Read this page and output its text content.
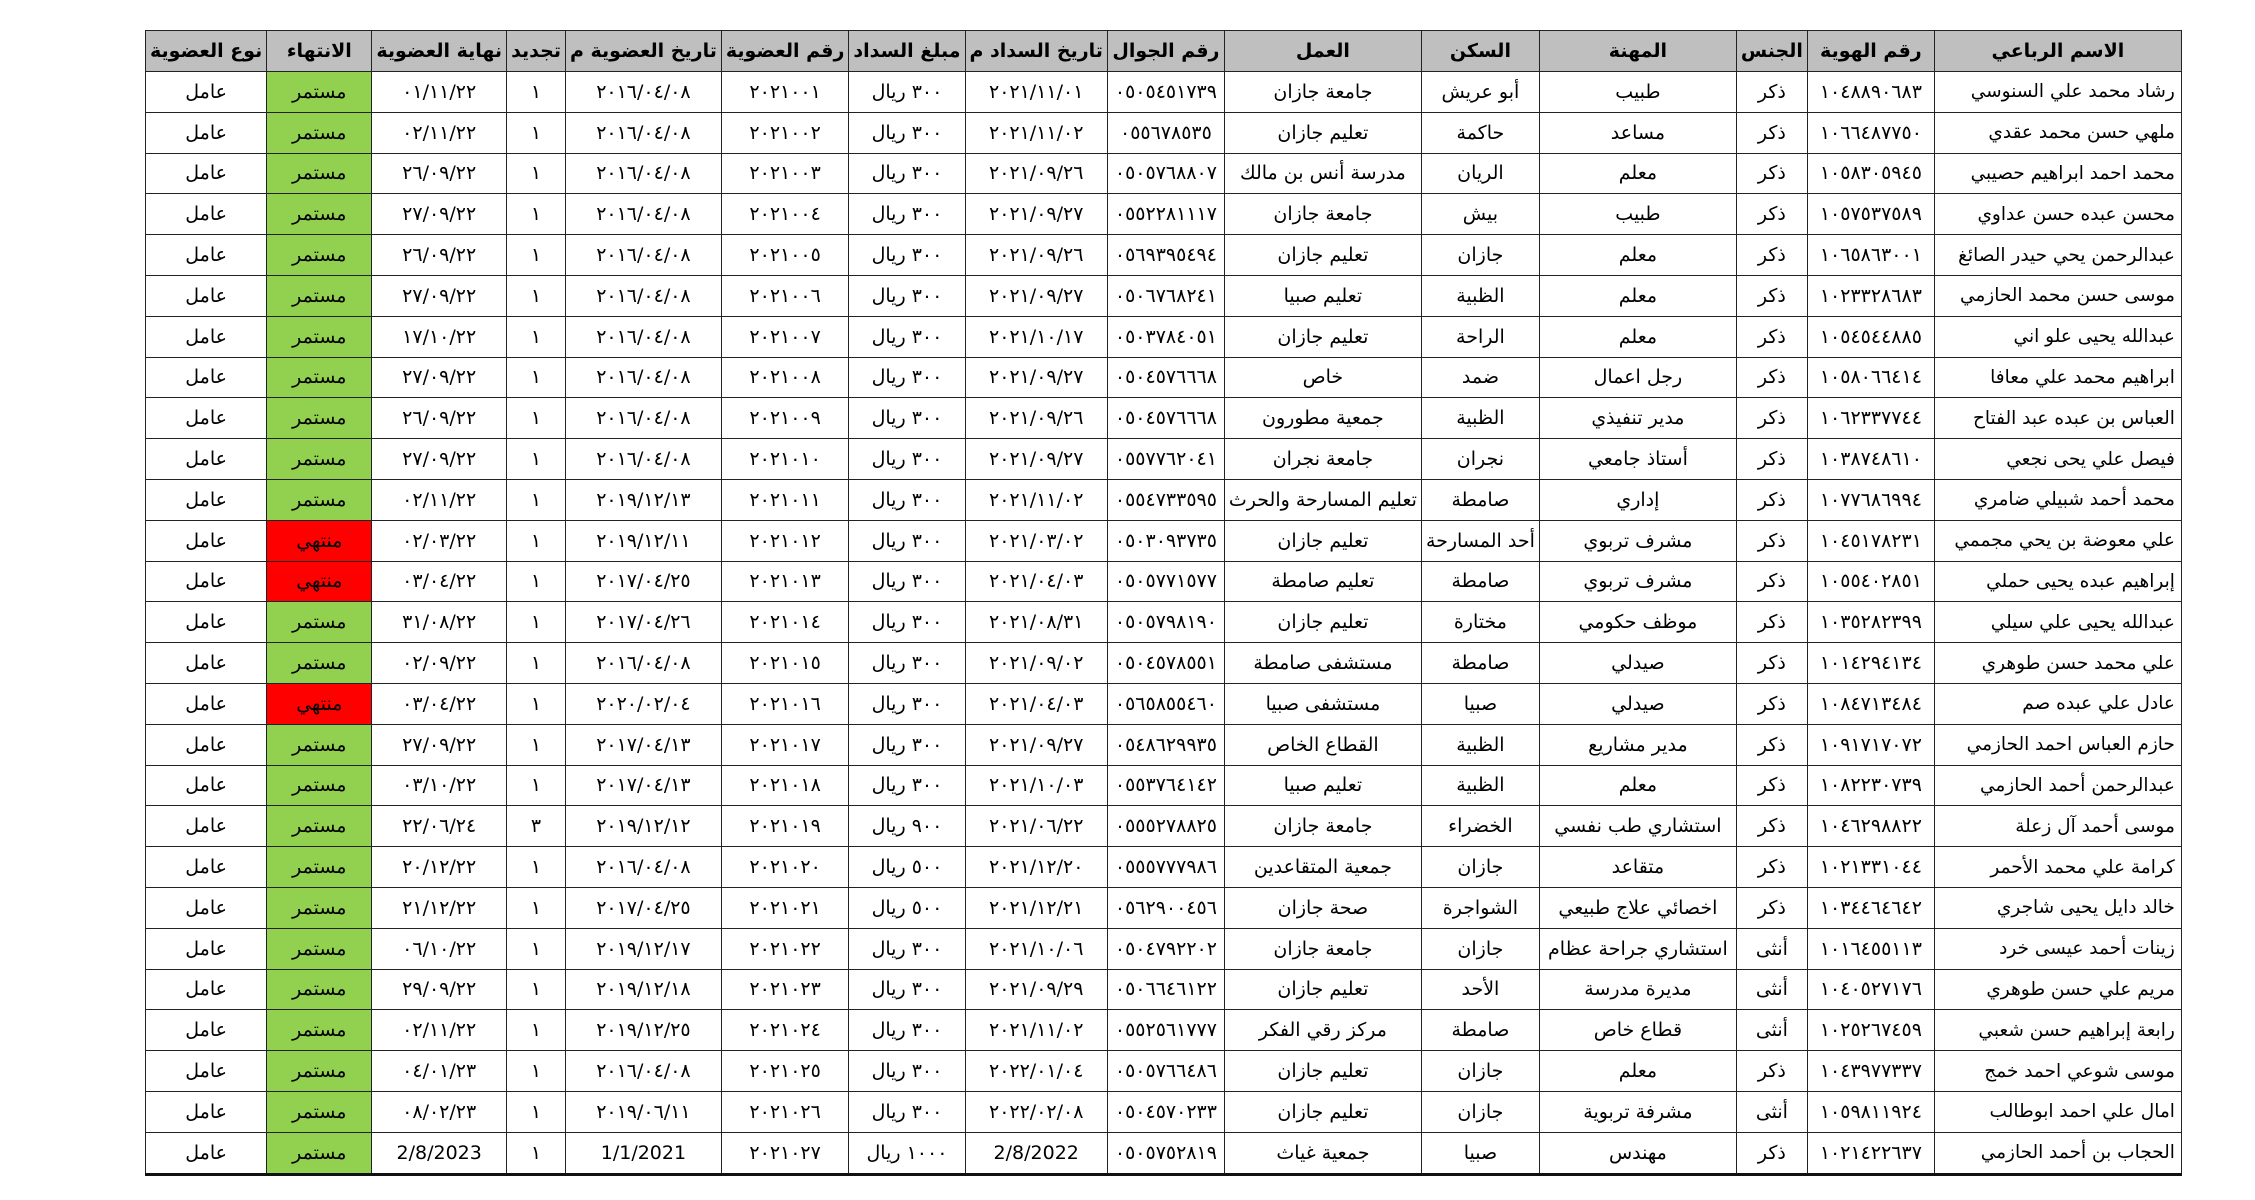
الاسم الرباعي	رقم الهوية	الجنس	المهنة	السكن	العمل	رقم الجوال	تاريخ السداد م	مبلغ السداد	رقم العضوية	تاريخ العضوية م	تجديد	نهاية العضوية	الانتهاء	نوع العضوية
رشاد محمد علي السنوسي	١٠٤٨٨٩٠٦٨٣	ذكر	طبيب	أبو عريش	جامعة جازان	٠٥٠٥٤٥١٧٣٩	٢٠٢١/١١/٠١	٣٠٠ ريال	٢٠٢١٠٠١	٢٠١٦/٠٤/٠٨	١	٠١/١١/٢٢	مستمر	عامل
ملهي حسن محمد عقدي	١٠٦٦٤٨٧٧٥٠	ذكر	مساعد	حاكمة	تعليم جازان	٠٥٥٦٧٨٥٣٥	٢٠٢١/١١/٠٢	٣٠٠ ريال	٢٠٢١٠٠٢	٢٠١٦/٠٤/٠٨	١	٠٢/١١/٢٢	مستمر	عامل
محمد احمد ابراهيم حصيبي	١٠٥٨٣٠٥٩٤٥	ذكر	معلم	الريان	مدرسة أنس بن مالك	٠٥٠٥٧٦٨٨٠٧	٢٠٢١/٠٩/٢٦	٣٠٠ ريال	٢٠٢١٠٠٣	٢٠١٦/٠٤/٠٨	١	٢٦/٠٩/٢٢	مستمر	عامل
محسن عبده حسن عداوي	١٠٥٧٥٣٧٥٨٩	ذكر	طبيب	بيش	جامعة جازان	٠٥٥٢٢٨١١١٧	٢٠٢١/٠٩/٢٧	٣٠٠ ريال	٢٠٢١٠٠٤	٢٠١٦/٠٤/٠٨	١	٢٧/٠٩/٢٢	مستمر	عامل
عبدالرحمن يحي حيدر الصائغ	١٠٦٥٨٦٣٠٠١	ذكر	معلم	جازان	تعليم جازان	٠٥٦٩٣٩٥٤٩٤	٢٠٢١/٠٩/٢٦	٣٠٠ ريال	٢٠٢١٠٠٥	٢٠١٦/٠٤/٠٨	١	٢٦/٠٩/٢٢	مستمر	عامل
موسى حسن محمد الحازمي	١٠٢٣٣٢٨٦٨٣	ذكر	معلم	الظبية	تعليم صبيا	٠٥٠٦٧٦٨٢٤١	٢٠٢١/٠٩/٢٧	٣٠٠ ريال	٢٠٢١٠٠٦	٢٠١٦/٠٤/٠٨	١	٢٧/٠٩/٢٢	مستمر	عامل
عبدالله يحيى علو اني	١٠٥٤٥٤٤٨٨٥	ذكر	معلم	الراحة	تعليم جازان	٠٥٠٣٧٨٤٠٥١	٢٠٢١/١٠/١٧	٣٠٠ ريال	٢٠٢١٠٠٧	٢٠١٦/٠٤/٠٨	١	١٧/١٠/٢٢	مستمر	عامل
ابراهيم محمد علي معافا	١٠٥٨٠٦٦٤١٤	ذكر	رجل اعمال	ضمد	خاص	٠٥٠٤٥٧٦٦٦٨	٢٠٢١/٠٩/٢٧	٣٠٠ ريال	٢٠٢١٠٠٨	٢٠١٦/٠٤/٠٨	١	٢٧/٠٩/٢٢	مستمر	عامل
العباس بن عبده عبد الفتاح	١٠٦٢٣٣٧٧٤٤	ذكر	مدير تنفيذي	الظبية	جمعية مطورون	٠٥٠٤٥٧٦٦٦٨	٢٠٢١/٠٩/٢٦	٣٠٠ ريال	٢٠٢١٠٠٩	٢٠١٦/٠٤/٠٨	١	٢٦/٠٩/٢٢	مستمر	عامل
فيصل علي يحى نجعي	١٠٣٨٧٤٨٦١٠	ذكر	أستاذ جامعي	نجران	جامعة نجران	٠٥٥٧٧٦٢٠٤١	٢٠٢١/٠٩/٢٧	٣٠٠ ريال	٢٠٢١٠١٠	٢٠١٦/٠٤/٠٨	١	٢٧/٠٩/٢٢	مستمر	عامل
محمد أحمد شبيلي ضامري	١٠٧٧٦٨٦٩٩٤	ذكر	إداري	صامطة	تعليم المسارحة والحرث	٠٥٥٤٧٣٣٥٩٥	٢٠٢١/١١/٠٢	٣٠٠ ريال	٢٠٢١٠١١	٢٠١٩/١٢/١٣	١	٠٢/١١/٢٢	مستمر	عامل
علي معوضة بن يحي مجممي	١٠٤٥١٧٨٢٣١	ذكر	مشرف تربوي	أحد المسارحة	تعليم جازان	٠٥٠٣٠٩٣٧٣٥	٢٠٢١/٠٣/٠٢	٣٠٠ ريال	٢٠٢١٠١٢	٢٠١٩/١٢/١١	١	٠٢/٠٣/٢٢	منتهي	عامل
إبراهيم عبده يحيى حملي	١٠٥٥٤٠٢٨٥١	ذكر	مشرف تربوي	صامطة	تعليم صامطة	٠٥٠٥٧٧١٥٧٧	٢٠٢١/٠٤/٠٣	٣٠٠ ريال	٢٠٢١٠١٣	٢٠١٧/٠٤/٢٥	١	٠٣/٠٤/٢٢	منتهي	عامل
عبدالله يحيى علي سيلي	١٠٣٥٢٨٢٣٩٩	ذكر	موظف حكومي	مختارة	تعليم جازان	٠٥٠٥٧٩٨١٩٠	٢٠٢١/٠٨/٣١	٣٠٠ ريال	٢٠٢١٠١٤	٢٠١٧/٠٤/٢٦	١	٣١/٠٨/٢٢	مستمر	عامل
علي محمد حسن طوهري	١٠١٤٢٩٤١٣٤	ذكر	صيدلي	صامطة	مستشفى صامطة	٠٥٠٤٥٧٨٥٥١	٢٠٢١/٠٩/٠٢	٣٠٠ ريال	٢٠٢١٠١٥	٢٠١٦/٠٤/٠٨	١	٠٢/٠٩/٢٢	مستمر	عامل
عادل علي عبده صم	١٠٨٤٧١٣٤٨٤	ذكر	صيدلي	صبيا	مستشفى صبيا	٠٥٦٥٨٥٥٤٦٠	٢٠٢١/٠٤/٠٣	٣٠٠ ريال	٢٠٢١٠١٦	٢٠٢٠/٠٢/٠٤	١	٠٣/٠٤/٢٢	منتهي	عامل
حازم العباس احمد الحازمي	١٠٩١٧١٧٠٧٢	ذكر	مدير مشاريع	الظبية	القطاع الخاص	٠٥٤٨٦٢٩٩٣٥	٢٠٢١/٠٩/٢٧	٣٠٠ ريال	٢٠٢١٠١٧	٢٠١٧/٠٤/١٣	١	٢٧/٠٩/٢٢	مستمر	عامل
عبدالرحمن أحمد الحازمي	١٠٨٢٢٣٠٧٣٩	ذكر	معلم	الظبية	تعليم صبيا	٠٥٥٣٧٦٤١٤٢	٢٠٢١/١٠/٠٣	٣٠٠ ريال	٢٠٢١٠١٨	٢٠١٧/٠٤/١٣	١	٠٣/١٠/٢٢	مستمر	عامل
موسى أحمد آل زعلة	١٠٤٦٢٩٨٨٢٢	ذكر	استشاري طب نفسي	الخضراء	جامعة جازان	٠٥٥٥٢٧٨٨٢٥	٢٠٢١/٠٦/٢٢	٩٠٠ ريال	٢٠٢١٠١٩	٢٠١٩/١٢/١٢	٣	٢٢/٠٦/٢٤	مستمر	عامل
كرامة علي محمد الأحمر	١٠٢١٣٣١٠٤٤	ذكر	متقاعد	جازان	جمعية المتقاعدين	٠٥٥٥٧٧٧٩٨٦	٢٠٢١/١٢/٢٠	٥٠٠ ريال	٢٠٢١٠٢٠	٢٠١٦/٠٤/٠٨	١	٢٠/١٢/٢٢	مستمر	عامل
خالد دايل يحيى شاجري	١٠٣٤٤٦٤٦٤٢	ذكر	اخصائي علاج طبيعي	الشواجرة	صحة جازان	٠٥٦٢٩٠٠٤٥٦	٢٠٢١/١٢/٢١	٥٠٠ ريال	٢٠٢١٠٢١	٢٠١٧/٠٤/٢٥	١	٢١/١٢/٢٢	مستمر	عامل
زينات أحمد عيسى خرد	١٠١٦٤٥٥١١٣	أنثى	استشاري جراحة عظام	جازان	جامعة جازان	٠٥٠٤٧٩٢٢٠٢	٢٠٢١/١٠/٠٦	٣٠٠ ريال	٢٠٢١٠٢٢	٢٠١٩/١٢/١٧	١	٠٦/١٠/٢٢	مستمر	عامل
مريم علي حسن طوهري	١٠٤٠٥٢٧١٧٦	أنثى	مديرة مدرسة	الأحد	تعليم جازان	٠٥٠٦٦٤٦١٢٢	٢٠٢١/٠٩/٢٩	٣٠٠ ريال	٢٠٢١٠٢٣	٢٠١٩/١٢/١٨	١	٢٩/٠٩/٢٢	مستمر	عامل
رابعة إبراهيم حسن شعبي	١٠٢٥٢٦٧٤٥٩	أنثى	قطاع خاص	صامطة	مركز رقي الفكر	٠٥٥٢٥٦١٧٧٧	٢٠٢١/١١/٠٢	٣٠٠ ريال	٢٠٢١٠٢٤	٢٠١٩/١٢/٢٥	١	٠٢/١١/٢٢	مستمر	عامل
موسى شوعي احمد خمج	١٠٤٣٩٧٧٣٣٧	ذكر	معلم	جازان	تعليم جازان	٠٥٠٥٧٦٦٤٨٦	٢٠٢٢/٠١/٠٤	٣٠٠ ريال	٢٠٢١٠٢٥	٢٠١٦/٠٤/٠٨	١	٠٤/٠١/٢٣	مستمر	عامل
امال علي احمد ابوطالب	١٠٥٩٨١١٩٢٤	أنثى	مشرفة تربوية	جازان	تعليم جازان	٠٥٠٤٥٧٠٢٣٣	٢٠٢٢/٠٢/٠٨	٣٠٠ ريال	٢٠٢١٠٢٦	٢٠١٩/٠٦/١١	١	٠٨/٠٢/٢٣	مستمر	عامل
الحجاب بن أحمد الحازمي	١٠٢١٤٢٢٦٣٧	ذكر	مهندس	صبيا	جمعية غياث	٠٥٠٥٧٥٢٨١٩	2/8/2022	١٠٠٠ ريال	٢٠٢١٠٢٧	1/1/2021	١	2/8/2023	مستمر	عامل
